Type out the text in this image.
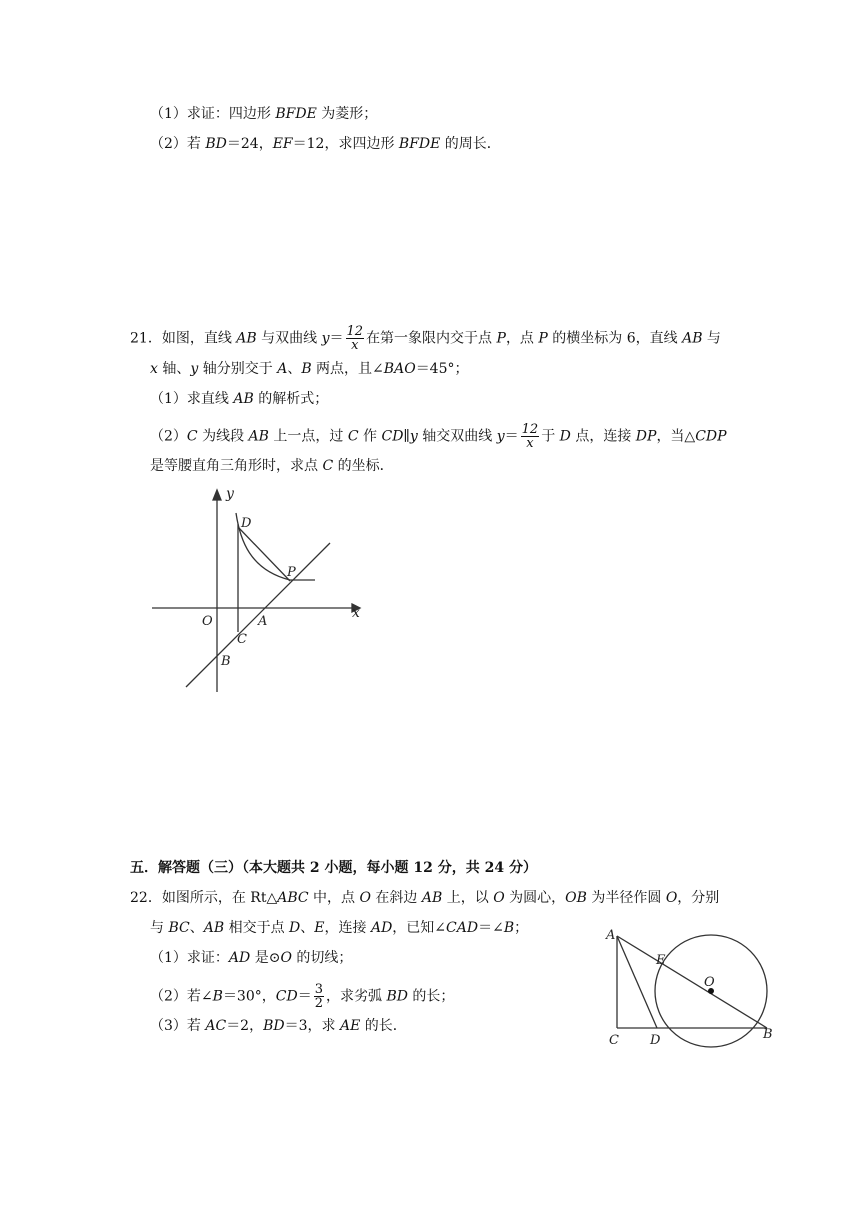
（1）求证：四边形 BFDE 为菱形；
（2）若 BD＝24，EF＝12，求四边形 BFDE 的周长．
21．如图，直线 AB 与双曲线 $y= \frac{12}{x}$ 在第一象限内交于点 P，点 P 的横坐标为 6，直线 AB 与
x 轴、y 轴分别交于 A、B 两点，且∠BAO＝45°；
（1）求直线 AB 的解析式；
（2）C 为线段 AB 上一点，过 C 作 CD∥y 轴交双曲线 $y= \frac{12}{x}$ 于 D 点，连接 DP，当△CDP
是等腰直角三角形时，求点 C 的坐标．
y
x
O
D
P
A
C
B
五．解答题（三）（本大题共 2 小题，每小题 12 分，共 24 分）
22．如图所示，在 Rt△ABC 中，点 O 在斜边 AB 上，以 O 为圆心，OB 为半径作圆 O，分别
与 BC、AB 相交于点 D、E，连接 AD，已知∠CAD＝∠B；
（1）求证：AD 是⊙O 的切线；
（2）若∠B＝30°，$CD= \frac{3}{2}$ ，求劣弧 BD 的长；
（3）若 AC＝2，BD＝3，求 AE 的长．
A
E
O
C D	B
